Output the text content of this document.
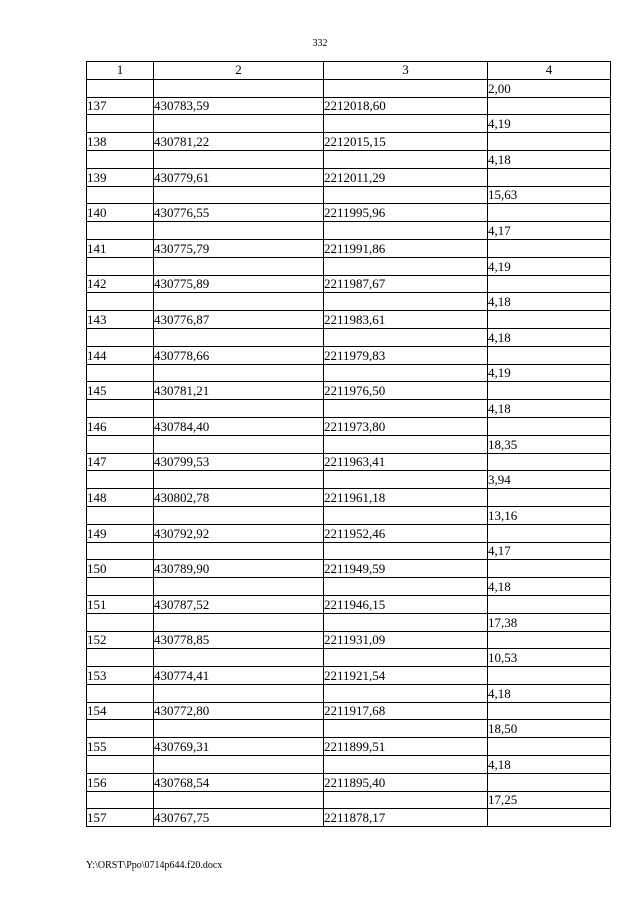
332
1	2	3	4
			2,00
137	430783,59	2212018,60	
			4,19
138	430781,22	2212015,15	
			4,18
139	430779,61	2212011,29	
			15,63
140	430776,55	2211995,96	
			4,17
141	430775,79	2211991,86	
			4,19
142	430775,89	2211987,67	
			4,18
143	430776,87	2211983,61	
			4,18
144	430778,66	2211979,83	
			4,19
145	430781,21	2211976,50	
			4,18
146	430784,40	2211973,80	
			18,35
147	430799,53	2211963,41	
			3,94
148	430802,78	2211961,18	
			13,16
149	430792,92	2211952,46	
			4,17
150	430789,90	2211949,59	
			4,18
151	430787,52	2211946,15	
			17,38
152	430778,85	2211931,09	
			10,53
153	430774,41	2211921,54	
			4,18
154	430772,80	2211917,68	
			18,50
155	430769,31	2211899,51	
			4,18
156	430768,54	2211895,40	
			17,25
157	430767,75	2211878,17	
Y:\ORST\Ppo\0714p644.f20.docx
